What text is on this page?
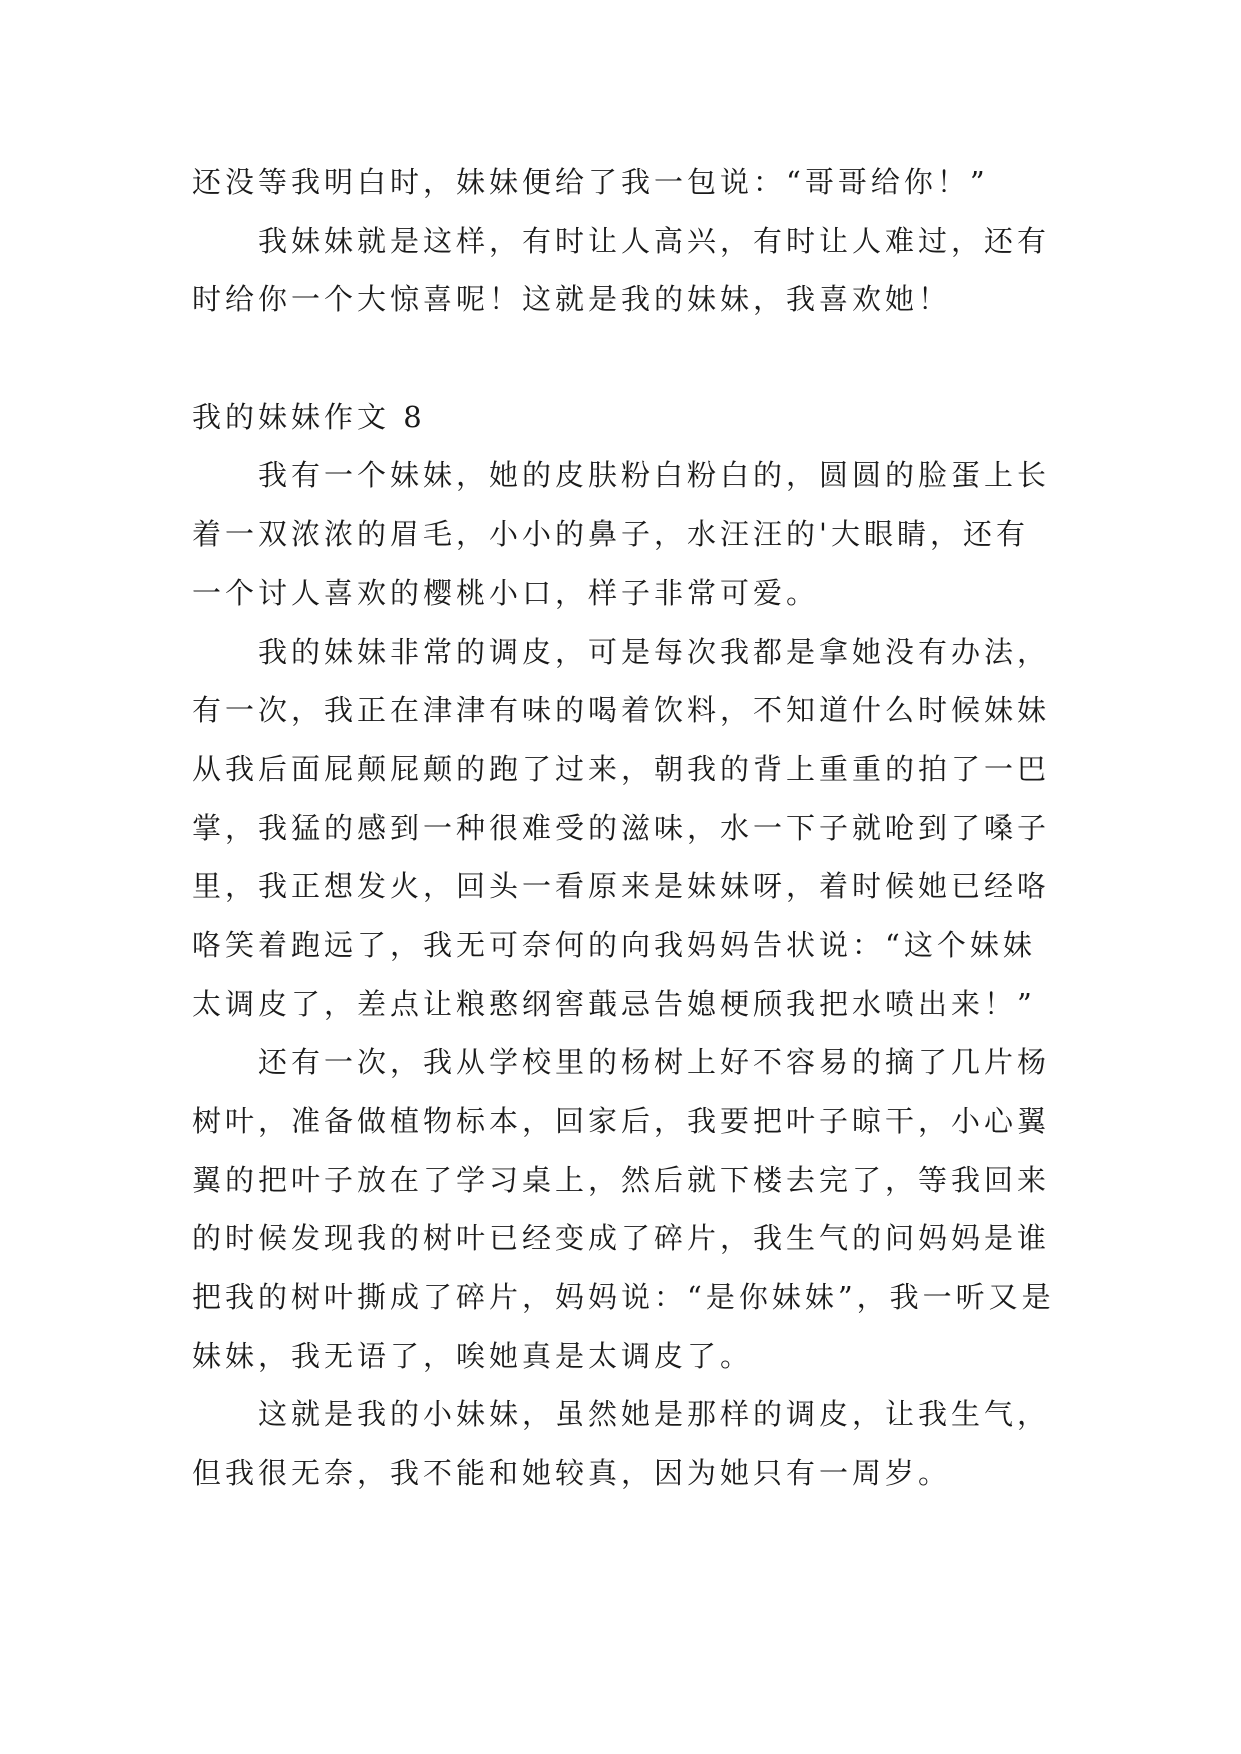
还没等我明白时，妹妹便给了我一包说：“哥哥给你！”
我妹妹就是这样，有时让人高兴，有时让人难过，还有
时给你一个大惊喜呢！这就是我的妹妹，我喜欢她！
我的妹妹作文 8
我有一个妹妹，她的皮肤粉白粉白的，圆圆的脸蛋上长
着一双浓浓的眉毛，小小的鼻子，水汪汪的'大眼睛，还有
一个讨人喜欢的樱桃小口，样子非常可爱。
我的妹妹非常的调皮，可是每次我都是拿她没有办法，
有一次，我正在津津有味的喝着饮料，不知道什么时候妹妹
从我后面屁颠屁颠的跑了过来，朝我的背上重重的拍了一巴
掌，我猛的感到一种很难受的滋味，水一下子就呛到了嗓子
里，我正想发火，回头一看原来是妹妹呀，着时候她已经咯
咯笑着跑远了，我无可奈何的向我妈妈告状说：“这个妹妹
太调皮了，差点让粮憨纲窖蕺忌告媳梗颀我把水喷出来！”
还有一次，我从学校里的杨树上好不容易的摘了几片杨
树叶，准备做植物标本，回家后，我要把叶子晾干，小心翼
翼的把叶子放在了学习桌上，然后就下楼去完了，等我回来
的时候发现我的树叶已经变成了碎片，我生气的问妈妈是谁
把我的树叶撕成了碎片，妈妈说：“是你妹妹”，我一听又是
妹妹，我无语了，唉她真是太调皮了。
这就是我的小妹妹，虽然她是那样的调皮，让我生气，
但我很无奈，我不能和她较真，因为她只有一周岁。
